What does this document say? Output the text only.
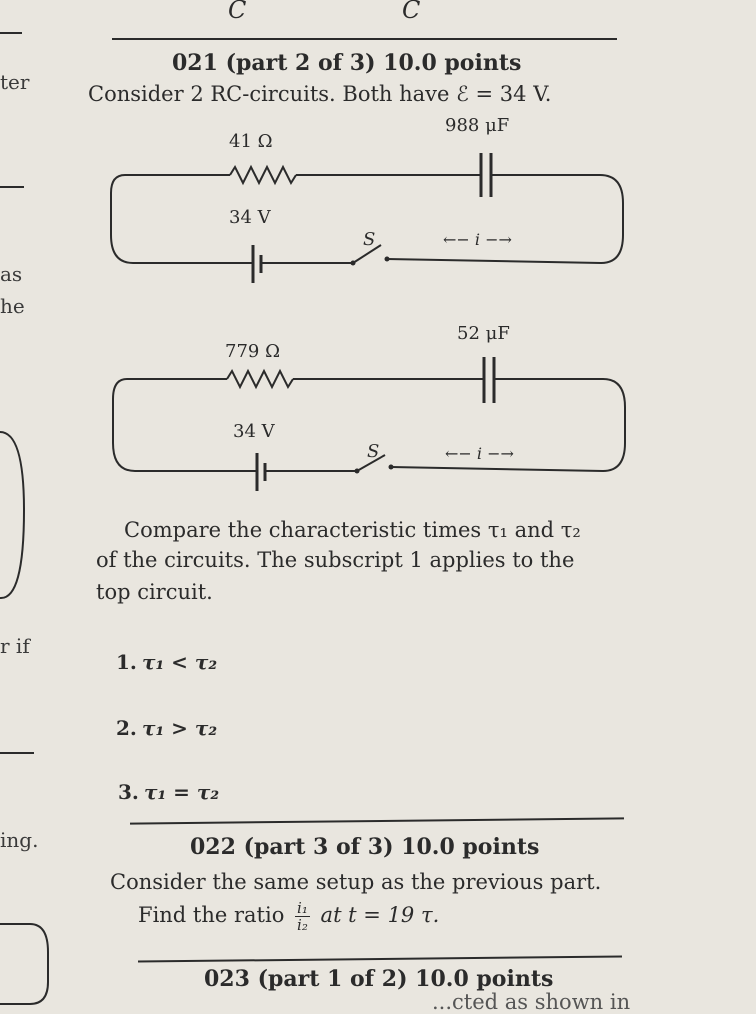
C	C
ter
as
he
r if
ing.
021 (part 2 of 3) 10.0 points
Consider 2 RC-circuits. Both have ℰ = 34 V.
41 Ω
988 μF
34 V
S	←− i −→
779 Ω
52 μF
34 V
S	←− i −→
Compare the characteristic times τ₁ and τ₂
of the circuits. The subscript 1 applies to the
top circuit.
1. τ₁ < τ₂
2. τ₁ > τ₂
3. τ₁ = τ₂
022 (part 3 of 3) 10.0 points
Consider the same setup as the previous part.
Find the ratio $\frac{\text{i₁}}{\text{i₂}}$ at t = 19 τ.
023 (part 1 of 2) 10.0 points
...cted as shown in
